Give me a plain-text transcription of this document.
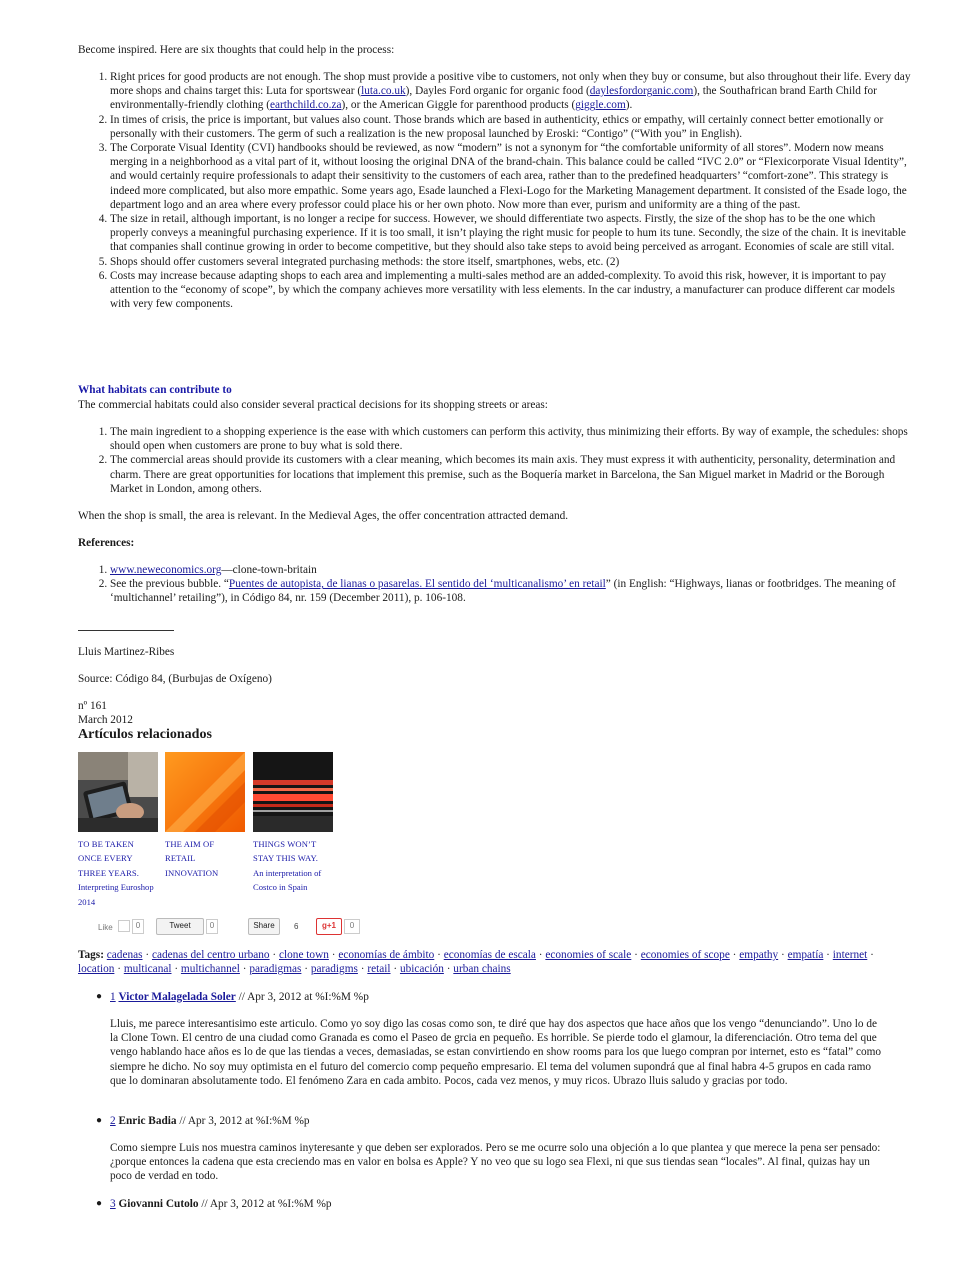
Become inspired. Here are six thoughts that could help in the process:

1. Right prices for good products are not enough. The shop must provide a positive vibe to customers, not only when they buy or consume, but also throughout their life. Every day more shops and chains target this: Luta for sportswear (luta.co.uk), Dayles Ford organic for organic food (daylesfordorganic.com), the Southafrican brand Earth Child for environmentally-friendly clothing (earthchild.co.za), or the American Giggle for parenthood products (giggle.com).
2. In times of crisis, the price is important, but values also count. Those brands which are based in authenticity, ethics or empathy, will certainly connect better emotionally or personally with their customers. The germ of such a realization is the new proposal launched by Eroski: “Contigo” (“With you” in English).
3. The Corporate Visual Identity (CVI) handbooks should be reviewed, as now “modern” is not a synonym for “the comfortable uniformity of all stores”. Modern now means merging in a neighborhood as a vital part of it, without loosing the original DNA of the brand-chain. This balance could be called “IVC 2.0” or “Flexicorporate Visual Identity”, and would certainly require professionals to adapt their sensitivity to the customers of each area, rather than to the predefined headquarters’ “comfort-zone”. This strategy is indeed more complicated, but also more empathic. Some years ago, Esade launched a Flexi-Logo for the Marketing Management department. It consisted of the Esade logo, the department logo and an area where every professor could place his or her own photo. Now more than ever, purism and uniformity are a thing of the past.
4. The size in retail, although important, is no longer a recipe for success. However, we should differentiate two aspects. Firstly, the size of the shop has to be the one which properly conveys a meaningful purchasing experience. If it is too small, it isn’t playing the right music for people to hum its tune. Secondly, the size of the chain. It is inevitable that companies shall continue growing in order to become competitive, but they should also take steps to avoid being perceived as arrogant. Economies of scale are still vital.
5. Shops should offer customers several integrated purchasing methods: the store itself, smartphones, webs, etc. (2)
6. Costs may increase because adapting shops to each area and implementing a multi-sales method are an added-complexity. To avoid this risk, however, it is important to pay attention to the “economy of scope”, by which the company achieves more versatility with less elements. In the car industry, a manufacturer can produce different car models with very few components.
What habitats can contribute to

The commercial habitats could also consider several practical decisions for its shopping streets or areas:

1. The main ingredient to a shopping experience is the ease with which customers can perform this activity, thus minimizing their efforts. By way of example, the schedules: shops should open when customers are prone to buy what is sold there.
2. The commercial areas should provide its customers with a clear meaning, which becomes its main axis. They must express it with authenticity, personality, determination and charm. There are great opportunities for locations that implement this premise, such as the Boquería market in Barcelona, the San Miguel market in Madrid or the Borough Market in London, among others.

When the shop is small, the area is relevant. In the Medieval Ages, the offer concentration attracted demand.

References:
1. www.neweconomics.org—clone-town-britain
2. See the previous bubble. “Puentes de autopista, de lianas o pasarelas. El sentido del ‘multicanalismo’ en retail” (in English: “Highways, lianas or footbridges. The meaning of ‘multichannel’ retailing”), in Código 84, nr. 159 (December 2011), p. 106-108.

Lluis Martinez-Ribes

Source: Código 84, (Burbujas de Oxígeno)

nº 161

March 2012

Artículos relacionados
TO BE TAKEN ONCE EVERY THREE YEARS.
Interpreting Euroshop 2014
THE AIM OF RETAIL INNOVATION
THINGS WON’T STAY THIS WAY.
An interpretation of Costco in Spain
Like	0	Tweet	0	Share	6	g+1	0
Tags: cadenas · cadenas del centro urbano · clone town · economías de ámbito · economías de escala · economies of scale · economies of scope · empathy · empatía · internet · location · multicanal · multichannel · paradigmas · paradigms · retail · ubicación · urban chains
● 1 Victor Malagelada Soler // Apr 3, 2012 at %I:%M %p

Lluis, me parece interesantisimo este articulo. Como yo soy digo las cosas como son, te diré que hay dos aspectos que hace años que los vengo “denunciando”. Uno lo de la Clone Town. El centro de una ciudad como Granada es como el Paseo de grcia en pequeño. Es horrible. Se pierde todo el glamour, la diferenciación. Otro tema del que vengo hablando hace años es lo de que las tiendas a veces, demasiadas, se estan convirtiendo en show rooms para los que luego compran por internet, esto es “fatal” como siempre he dicho. No soy muy optimista en el futuro del comercio comp pequeño empresario. El tema del volumen supondrá que al final habra 4-5 grupos en cada ramo que lo dominaran absolutamente todo. El fenómeno Zara en cada ambito. Pocos, cada vez menos, y muy ricos. Ubrazo lluis saludo y gracias por todo.

● 2 Enric Badia // Apr 3, 2012 at %I:%M %p

Como siempre Luis nos muestra caminos inyteresante y que deben ser explorados. Pero se me ocurre solo una objeción a lo que plantea y que merece la pena ser pensado: ¿porque entonces la cadena que esta creciendo mas en valor en bolsa es Apple? Y no veo que su logo sea Flexi, ni que sus tiendas sean “locales”. Al final, quizas hay un poco de verdad en todo.

● 3 Giovanni Cutolo // Apr 3, 2012 at %I:%M %p
